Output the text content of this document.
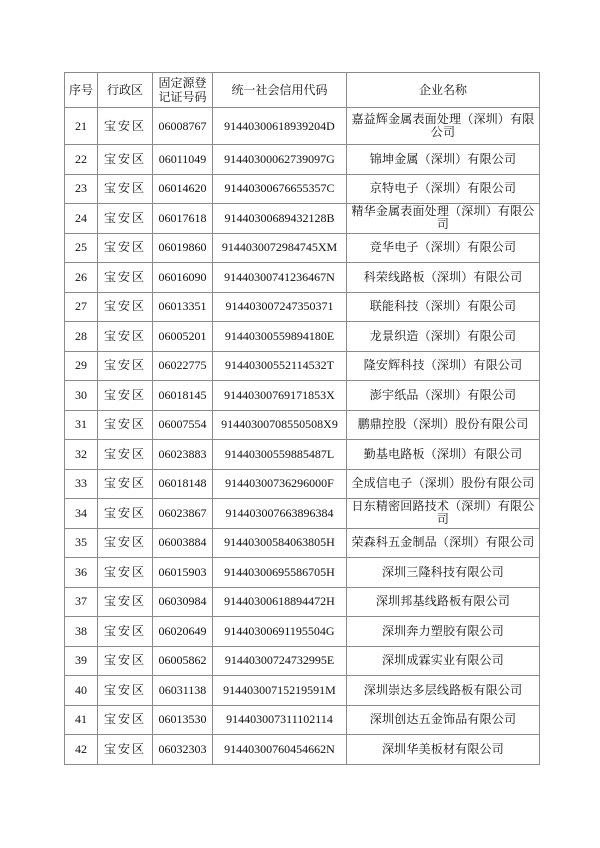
序号	行政区	固定源登记证号码	统一社会信用代码	企业名称
21	宝安区	06008767	91440300618939204D	嘉益辉金属表面处理（深圳）有限公司
22	宝安区	06011049	91440300062739097G	锦坤金属（深圳）有限公司
23	宝安区	06014620	91440300676655357C	京特电子（深圳）有限公司
24	宝安区	06017618	91440300689432128B	精华金属表面处理（深圳）有限公司
25	宝安区	06019860	9144030072984745XM	竞华电子（深圳）有限公司
26	宝安区	06016090	91440300741236467N	科荣线路板（深圳）有限公司
27	宝安区	06013351	914403007247350371	联能科技（深圳）有限公司
28	宝安区	06005201	91440300559894180E	龙景织造（深圳）有限公司
29	宝安区	06022775	91440300552114532T	隆安辉科技（深圳）有限公司
30	宝安区	06018145	91440300769171853X	澎宇纸品（深圳）有限公司
31	宝安区	06007554	91440300708550508X9	鹏鼎控股（深圳）股份有限公司
32	宝安区	06023883	91440300559885487L	勤基电路板（深圳）有限公司
33	宝安区	06018148	91440300736296000F	全成信电子（深圳）股份有限公司
34	宝安区	06023867	914403007663896384	日东精密回路技术（深圳）有限公司
35	宝安区	06003884	91440300584063805H	荣森科五金制品（深圳）有限公司
36	宝安区	06015903	91440300695586705H	深圳三隆科技有限公司
37	宝安区	06030984	91440300618894472H	深圳邦基线路板有限公司
38	宝安区	06020649	91440300691195504G	深圳奔力塑胶有限公司
39	宝安区	06005862	91440300724732995E	深圳成霖实业有限公司
40	宝安区	06031138	91440300715219591M	深圳崇达多层线路板有限公司
41	宝安区	06013530	914403007311102114	深圳创达五金饰品有限公司
42	宝安区	06032303	91440300760454662N	深圳华美板材有限公司
